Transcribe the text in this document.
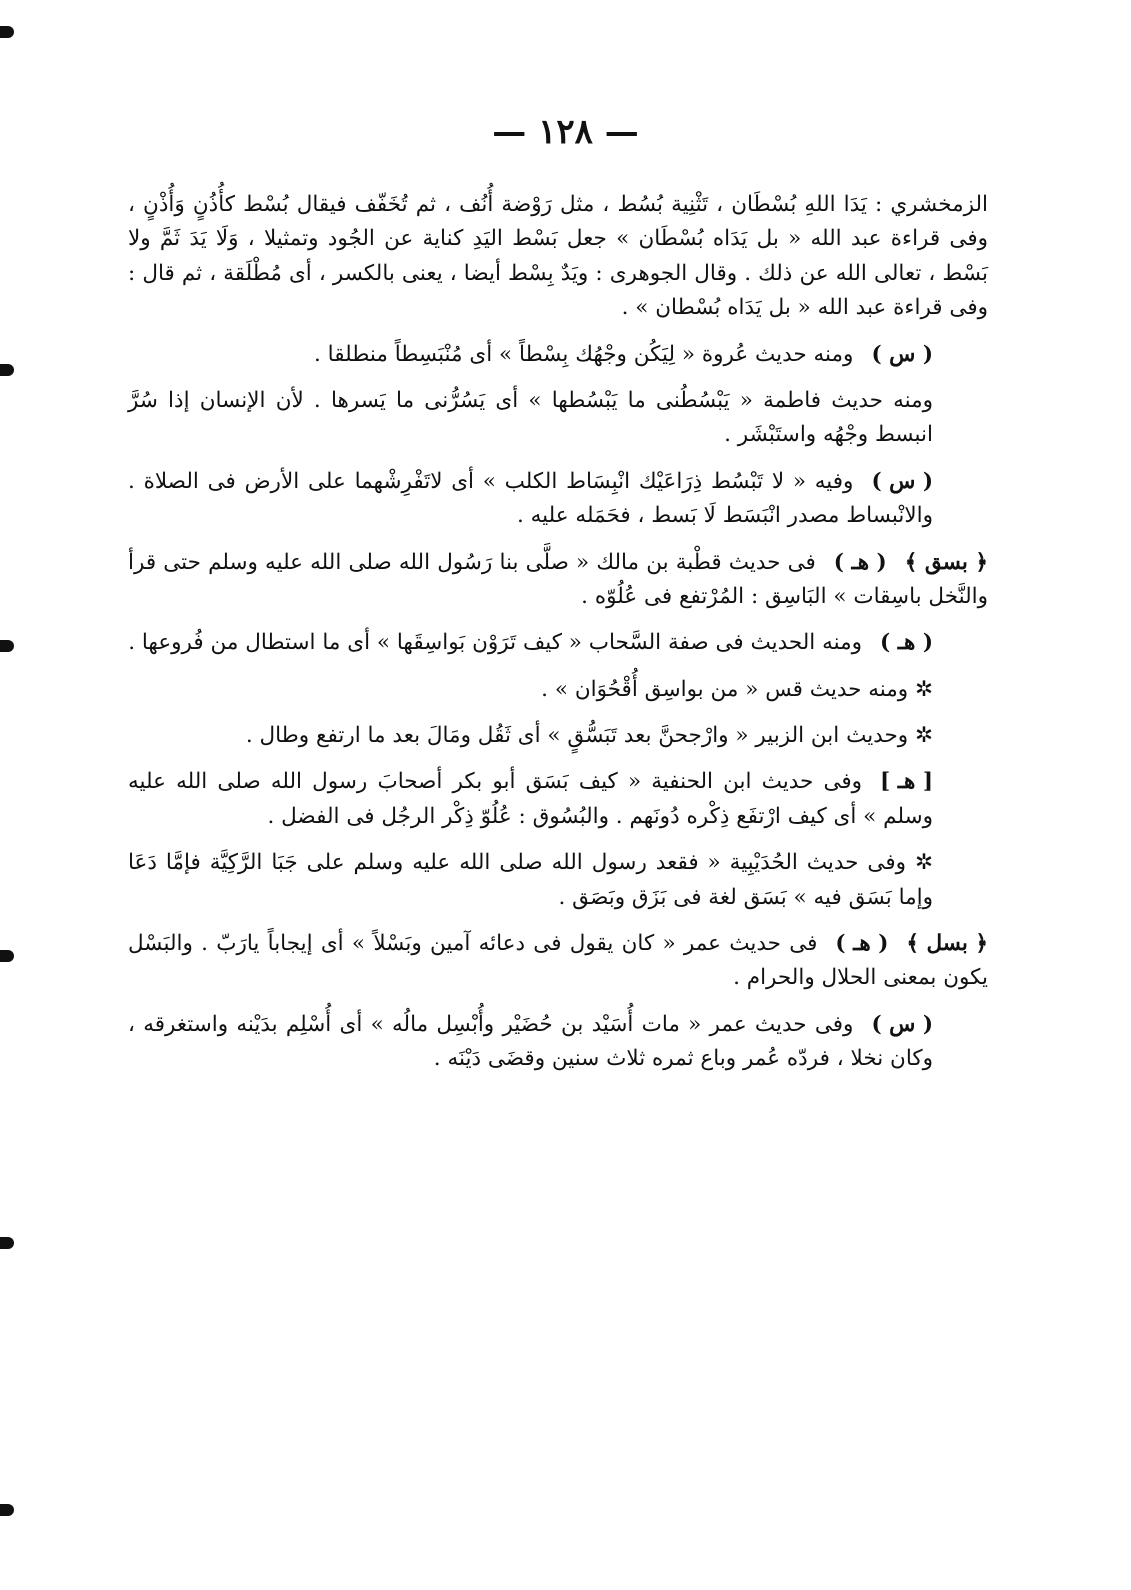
— ١٢٨ —

الزمخشري : يَدَا اللهِ بُسْطَان ، تَثْنِية بُسُط ، مثل رَوْضة أُنُف ، ثم تُخَفّف فيقال بُسْط كأُذُنٍ وَأُذْنٍ ، وفى قراءة عبد الله « بل يَدَاه بُسْطَان » جعل بَسْط اليَدِ كناية عن الجُود وتمثيلا ، وَلَا يَدَ ثَمَّ ولا بَسْط ، تعالى الله عن ذلك . وقال الجوهرى : ويَدٌ بِسْط أيضا ، يعنى بالكسر ، أى مُطْلَقة ، ثم قال : وفى قراءة عبد الله « بل يَدَاه بُسْطان » .

( س )ومنه حديث عُروة « لِيَكُن وجْهُك بِسْطاً » أى مُنْبَسِطاً منطلقا .

ومنه حديث فاطمة « يَبْسُطُنى ما يَبْسُطها » أى يَسُرُّنى ما يَسرها . لأن الإنسان إذا سُرَّ انبسط وجْهُه واستَبْشَر .

( س )وفيه « لا تَبْسُط ذِرَاعَيْك انْبِسَاط الكلب » أى لاتَفْرِشْهما على الأرض فى الصلاة . والانْبساط مصدر انْبَسَط لَا بَسط ، فحَمَله عليه .

﴿ بسق ﴾( هـ )فى حديث قطْبة بن مالك « صلَّى بنا رَسُول الله صلى الله عليه وسلم حتى قرأ والنَّخل باسِقات » البَاسِق : المُرْتفع فى عُلُوّه .

( هـ )ومنه الحديث فى صفة السَّحاب « كيف تَرَوْن بَواسِقَها » أى ما استطال من فُروعها .

✲ ومنه حديث قس « من بواسِق أُقْحُوَان » .

✲ وحديث ابن الزبير « وارْجحنَّ بعد تَبَسُّقٍ » أى ثَقُل ومَالَ بعد ما ارتفع وطال .

[ هـ ]وفى حديث ابن الحنفية « كيف بَسَق أبو بكر أصحابَ رسول الله صلى الله عليه وسلم » أى كيف ارْتفَع ذِكْره دُونَهم . والبُسُوق : عُلُوّ ذِكْر الرجُل فى الفضل .

✲ وفى حديث الحُدَيْبِية « فقعد رسول الله صلى الله عليه وسلم على جَبَا الرَّكِيَّة فإمَّا دَعَا وإما بَسَق فيه » بَسَق لغة فى بَزَق وبَصَق .

﴿ بسل ﴾( هـ )فى حديث عمر « كان يقول فى دعائه آمين وبَسْلاً » أى إيجاباً يارَبّ . والبَسْل يكون بمعنى الحلال والحرام .

( س )وفى حديث عمر « مات أُسَيْد بن حُضَيْر وأُبْسِل مالُه » أى أُسْلِم بدَيْنه واستغرقه ، وكان نخلا ، فردّه عُمر وباع ثمره ثلاث سنين وقضَى دَيْنَه .
